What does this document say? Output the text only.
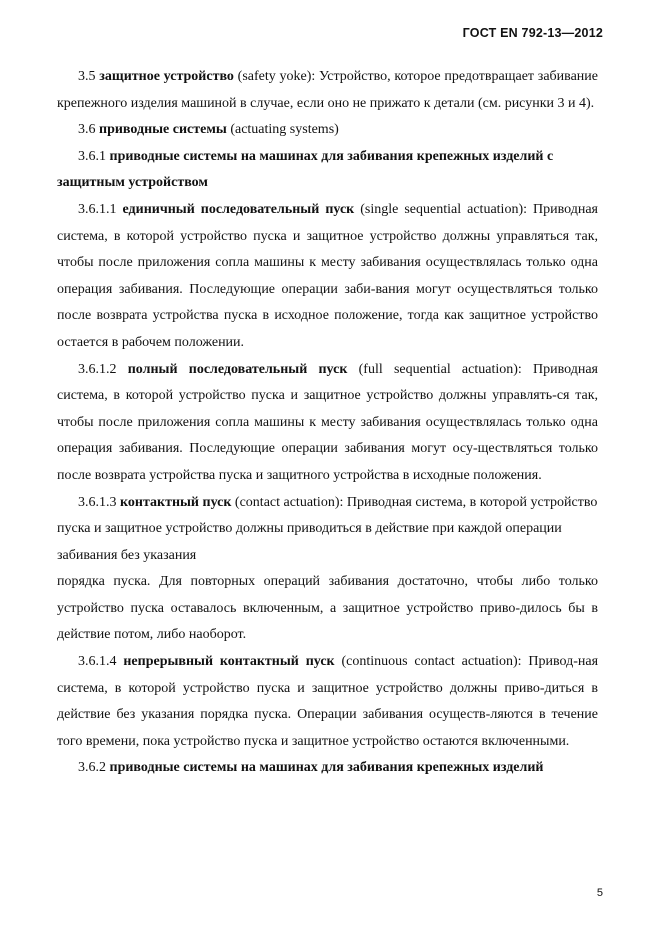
ГОСТ EN 792-13—2012

3.5 защитное устройство (safety yoke): Устройство, которое предотвращает забивание крепежного изделия машиной в случае, если оно не прижато к детали (см. рисунки 3 и 4).

3.6 приводные системы (actuating systems)

3.6.1 приводные системы на машинах для забивания крепежных изделий с защитным устройством

3.6.1.1 единичный последовательный пуск (single sequential actuation): Приводная система, в которой устройство пуска и защитное устройство должны управляться так, чтобы после приложения сопла машины к месту забивания осуществлялась только одна операция забивания. Последующие операции заби-вания могут осуществляться только после возврата устройства пуска в исходное положение, тогда как защитное устройство остается в рабочем положении.

3.6.1.2 полный последовательный пуск (full sequential actuation): Приводная система, в которой устройство пуска и защитное устройство должны управлять-ся так, чтобы после приложения сопла машины к месту забивания осуществлялась только одна операция забивания. Последующие операции забивания могут осу-ществляться только после возврата устройства пуска и защитного устройства в исходные положения.

3.6.1.3 контактный пуск (contact actuation): Приводная система, в которой устройство пуска и защитное устройство должны приводиться в действие при каждой операции забивания без указания

порядка пуска. Для повторных операций забивания достаточно, чтобы либо только устройство пуска оставалось включенным, а защитное устройство приво-дилось бы в действие потом, либо наоборот.

3.6.1.4 непрерывный контактный пуск (continuous contact actuation): Привод-ная система, в которой устройство пуска и защитное устройство должны приво-диться в действие без указания порядка пуска. Операции забивания осуществ-ляются в течение того времени, пока устройство пуска и защитное устройство остаются включенными.

3.6.2 приводные системы на машинах для забивания крепежных изделий

5
